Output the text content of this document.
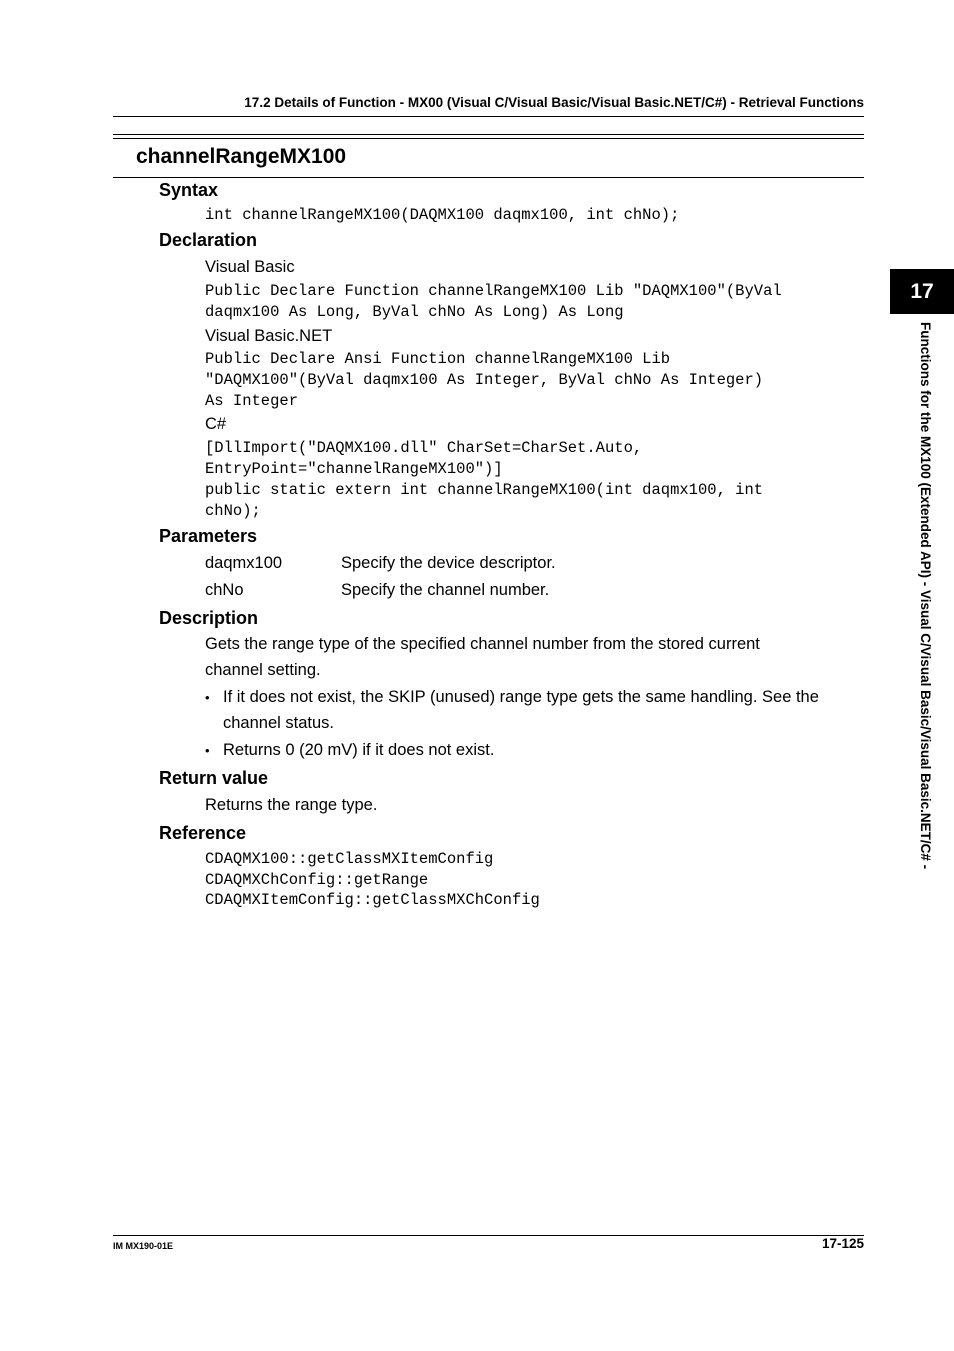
17.2 Details of Function - MX00 (Visual C/Visual Basic/Visual Basic.NET/C#) - Retrieval Functions
channelRangeMX100
Syntax
int channelRangeMX100(DAQMX100 daqmx100, int chNo);
Declaration
Visual Basic
Public Declare Function channelRangeMX100 Lib "DAQMX100"(ByVal
daqmx100 As Long, ByVal chNo As Long) As Long
Visual Basic.NET
Public Declare Ansi Function channelRangeMX100 Lib
"DAQMX100"(ByVal daqmx100 As Integer, ByVal chNo As Integer)
As Integer
C#
[DllImport("DAQMX100.dll" CharSet=CharSet.Auto,
EntryPoint="channelRangeMX100")]
public static extern int channelRangeMX100(int daqmx100, int
chNo);
Parameters
daqmx100	Specify the device descriptor.
chNo	Specify the channel number.
Description
Gets the range type of the specified channel number from the stored current
channel setting.
• If it does not exist, the SKIP (unused) range type gets the same handling. See the
channel status.
• Returns 0 (20 mV) if it does not exist.
Return value
Returns the range type.
Reference
CDAQMX100::getClassMXItemConfig
CDAQMXChConfig::getRange
CDAQMXItemConfig::getClassMXChConfig
17
Functions for the MX100 (Extended API) - Visual C/Visual Basic/Visual Basic.NET/C# -
IM MX190-01E	17-125
